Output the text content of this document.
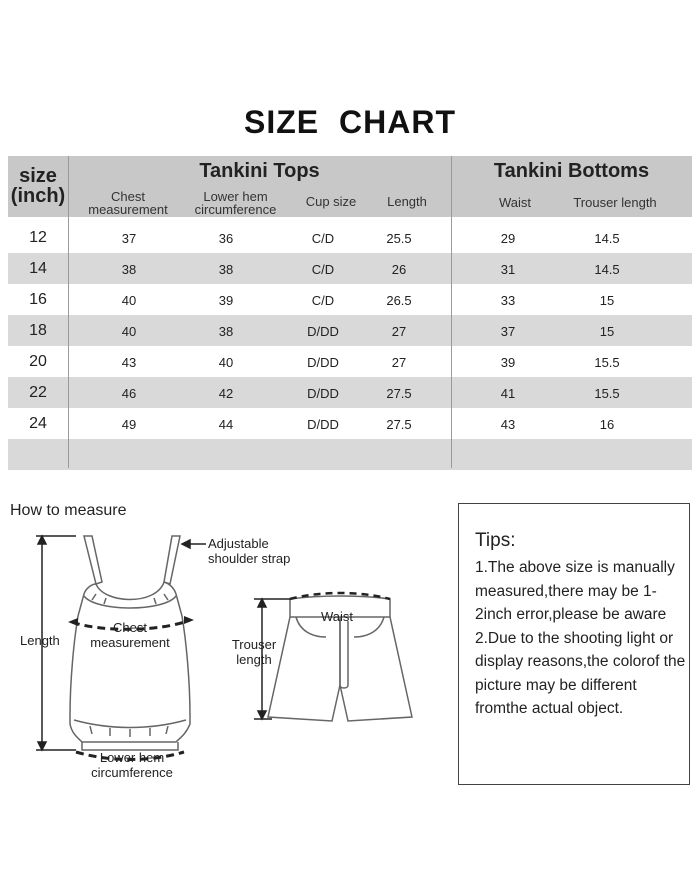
SIZE CHART
12	37	36	C/D	25.5	29	14.5
14	38	38	C/D	26	31	14.5
16	40	39	C/D	26.5	33	15
18	40	38	D/DD	27	37	15
20	43	40	D/DD	27	39	15.5
22	46	42	D/DD	27.5	41	15.5
24	49	44	D/DD	27.5	43	16
size
(inch)
Tankini Tops	Tankini Bottoms
Chest
measurement
Lower hem
circumference
Cup size	Length	Waist	Trouser length
How to measure
Length
Adjustable
shoulder strap
Chest
measurement
Lower hem
circumference
Waist
Trouser
length
Tips:

1.The above size is manually measured,there may be 1-2inch error,please be aware

2.Due to the shooting light or display reasons,the colorof the picture may be different fromthe actual object.
